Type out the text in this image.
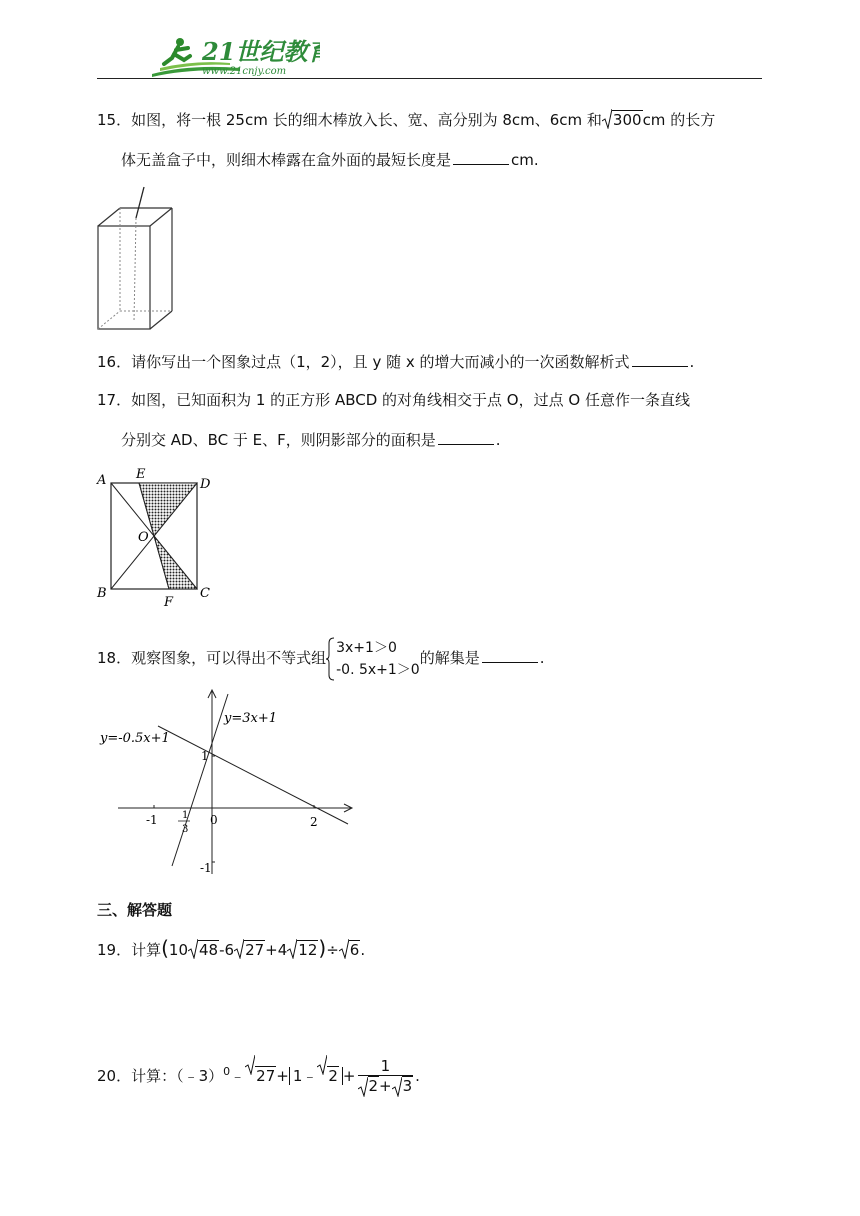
21世纪教育
www.21cnjy.com
15．如图，将一根 25cm 长的细木棒放入长、宽、高分别为 8cm、6cm 和 300cm 的长方
体无盖盒子中，则细木棒露在盒外面的最短长度是	cm.
16．请你写出一个图象过点（1，2），且 y 随 x 的增大而减小的一次函数解析式	.
17．如图，已知面积为 1 的正方形 ABCD 的对角线相交于点 O，过点 O 任意作一条直线
分别交 AD、BC 于 E、F，则阴影部分的面积是	.
A
B	C
D
E
F
O
18．观察图象，可以得出不等式组
3x+1＞0
-0. 5x+1＞0
的解集是	.
y=-0.5x+1
y=3x+1
-1	0	2
1
-1
1
3
三、解答题
19．计算(10 48-6 27+4 12)÷ 6.
20．计算：（﹣3）$^0$﹣ 27+ 1﹣ $2 + \frac{1}{2+ 3}$ .
